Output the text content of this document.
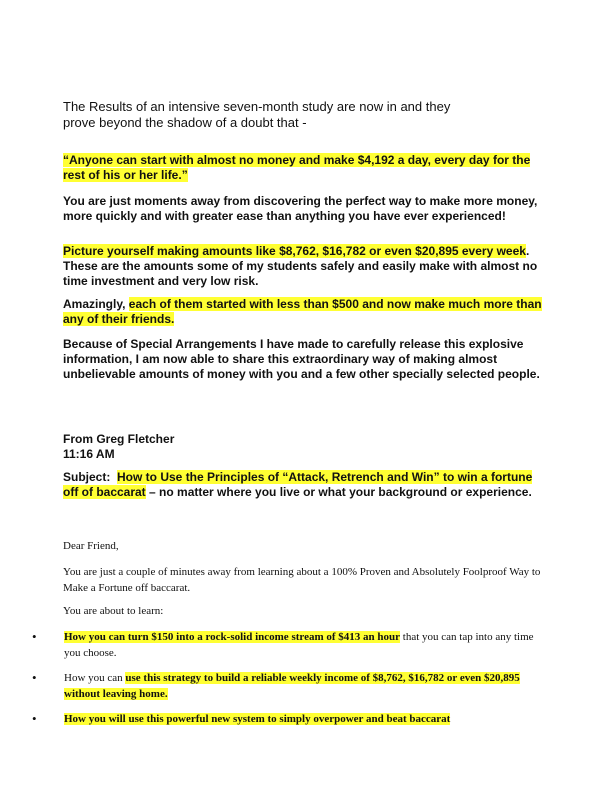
The Results of an intensive seven-month study are now in and they

prove beyond the shadow of a doubt that -

“Anyone can start with almost no money and make $4,192 a day, every day for the rest of his or her life.”

You are just moments away from discovering the perfect way to make more money, more quickly and with greater ease than anything you have ever experienced!

Picture yourself making amounts like $8,762, $16,782 or even $20,895 every week. These are the amounts some of my students safely and easily make with almost no time investment and very low risk.

Amazingly, each of them started with less than $500 and now make much more than any of their friends.

Because of Special Arrangements I have made to carefully release this explosive information, I am now able to share this extraordinary way of making almost unbelievable amounts of money with you and a few other specially selected people.

From Greg Fletcher

11:16 AM

Subject: How to Use the Principles of “Attack, Retrench and Win” to win a fortune off of baccarat – no matter where you live or what your background or experience.

Dear Friend,

You are just a couple of minutes away from learning about a 100% Proven and Absolutely Foolproof Way to Make a Fortune off baccarat.

You are about to learn:

• How you can turn $150 into a rock-solid income stream of $413 an hour that you can tap into any time you choose.

• How you can use this strategy to build a reliable weekly income of $8,762, $16,782 or even $20,895 without leaving home.

• How you will use this powerful new system to simply overpower and beat baccarat
